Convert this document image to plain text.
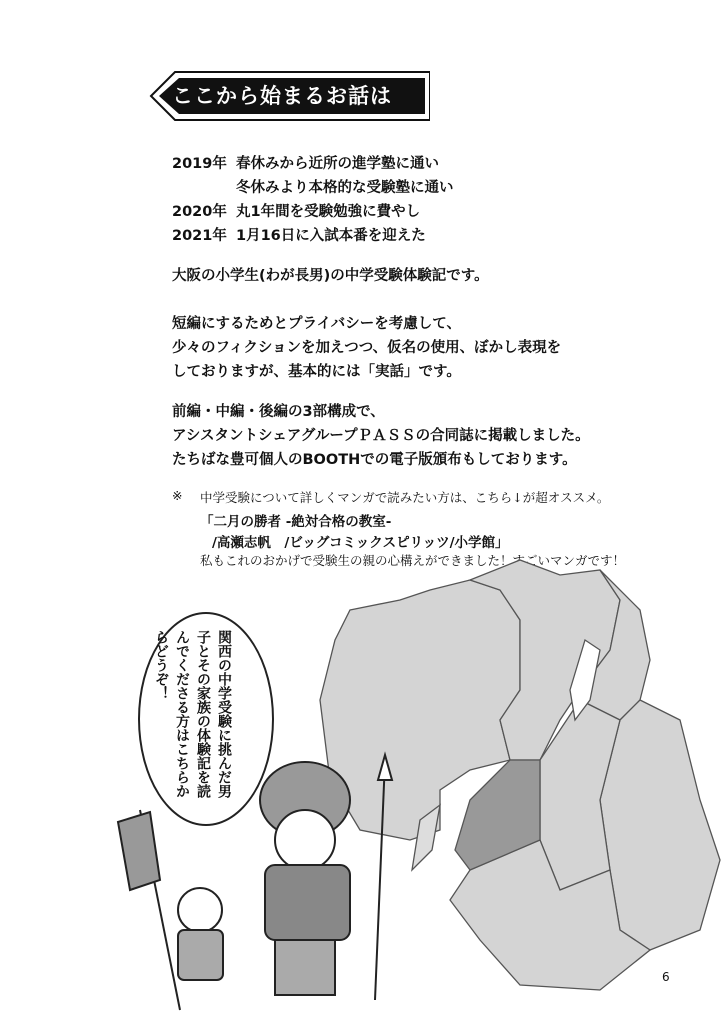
ここから始まるお話は
2019年 春休みから近所の進学塾に通い
冬休みより本格的な受験塾に通い
2020年 丸1年間を受験勉強に費やし
2021年 1月16日に入試本番を迎えた
大阪の小学生(わが長男)の中学受験体験記です。
短編にするためとプライバシーを考慮して、
少々のフィクションを加えつつ、仮名の使用、ぼかし表現を
しておりますが、基本的には「実話」です。
前編・中編・後編の3部構成で、
アシスタントシェアグループＰＡＳＳの合同誌に掲載しました。
たちばな豊可個人のBOOTHでの電子版頒布もしております。
※ 中学受験について詳しくマンガで読みたい方は、こちら↓が超オススメ。
「二月の勝者 -絶対合格の教室-
/高瀬志帆　/ビッグコミックスピリッツ/小学館」
私もこれのおかげで受験生の親の心構えができました！すごいマンガです！
関西の中学受験に挑んだ男子とその家族の体験記を読んでくださる方はこちらからどうぞ！
6
